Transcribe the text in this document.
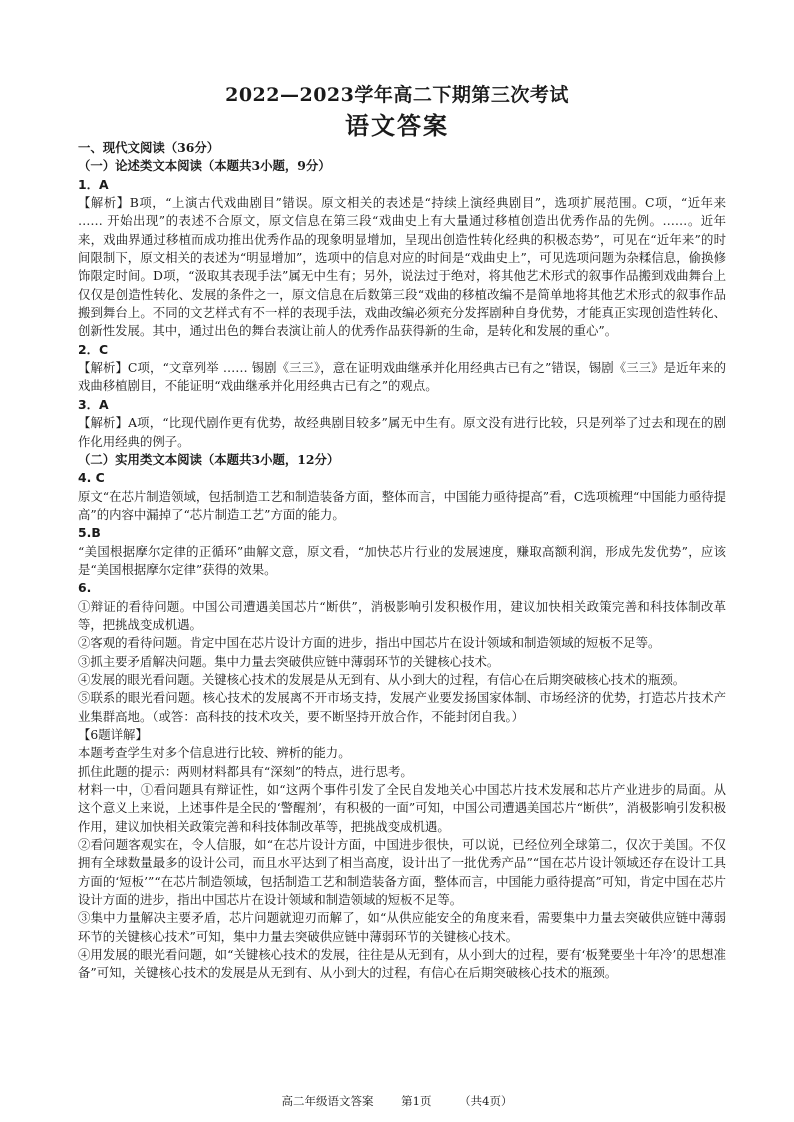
2022—2023学年高二下期第三次考试
语文答案

一、现代文阅读（36分）

（一）论述类文本阅读（本题共3小题，9分）

1．A

【解析】B项，“上演古代戏曲剧目”错误。原文相关的表述是“持续上演经典剧目”，选项扩展范围。C项，“近年来 …… 开始出现”的表述不合原文，原文信息在第三段“戏曲史上有大量通过移植创造出优秀作品的先例。……。近年来，戏曲界通过移植而成功推出优秀作品的现象明显增加，呈现出创造性转化经典的积极态势”，可见在“近年来”的时间限制下，原文相关的表述为“明显增加”，选项中的信息对应的时间是“戏曲史上”，可见选项问题为杂糅信息，偷换修饰限定时间。D项，“汲取其表现手法”属无中生有；另外，说法过于绝对，将其他艺术形式的叙事作品搬到戏曲舞台上仅仅是创造性转化、发展的条件之一，原文信息在后数第三段“戏曲的移植改编不是简单地将其他艺术形式的叙事作品搬到舞台上。不同的文艺样式有不一样的表现手法，戏曲改编必须充分发挥剧种自身优势，才能真正实现创造性转化、创新性发展。其中，通过出色的舞台表演让前人的优秀作品获得新的生命，是转化和发展的重心”。

2．C

【解析】C项，“文章列举 …… 锡剧《三三》，意在证明戏曲继承并化用经典古已有之”错误，锡剧《三三》是近年来的戏曲移植剧目，不能证明“戏曲继承并化用经典古已有之”的观点。

3．A

【解析】A项，“比现代剧作更有优势，故经典剧目较多”属无中生有。原文没有进行比较，只是列举了过去和现在的剧作化用经典的例子。

（二）实用类文本阅读（本题共3小题，12分）

4. C

原文“在芯片制造领域，包括制造工艺和制造装备方面，整体而言，中国能力亟待提高”看，C选项梳理“中国能力亟待提高”的内容中漏掉了“芯片制造工艺”方面的能力。

5.B

“美国根据摩尔定律的正循环”曲解文意，原文看，“加快芯片行业的发展速度，赚取高额利润，形成先发优势”，应该是“美国根据摩尔定律”获得的效果。

6.

①辩证的看待问题。中国公司遭遇美国芯片“断供”，消极影响引发积极作用，建议加快相关政策完善和科技体制改革等，把挑战变成机遇。

②客观的看待问题。肯定中国在芯片设计方面的进步，指出中国芯片在设计领域和制造领域的短板不足等。

③抓主要矛盾解决问题。集中力量去突破供应链中薄弱环节的关键核心技术。

④发展的眼光看问题。关键核心技术的发展是从无到有、从小到大的过程，有信心在后期突破核心技术的瓶颈。

⑤联系的眼光看问题。核心技术的发展离不开市场支持，发展产业要发扬国家体制、市场经济的优势，打造芯片技术产业集群高地。（或答：高科技的技术攻关，要不断坚持开放合作，不能封闭自我。）

【6题详解】

本题考查学生对多个信息进行比较、辨析的能力。

抓住此题的提示：两则材料都具有“深刻”的特点，进行思考。

材料一中，①看问题具有辩证性，如“这两个事件引发了全民自发地关心中国芯片技术发展和芯片产业进步的局面。从这个意义上来说，上述事件是全民的‘警醒剂’，有积极的一面”可知，中国公司遭遇美国芯片“断供”，消极影响引发积极作用，建议加快相关政策完善和科技体制改革等，把挑战变成机遇。

②看问题客观实在，令人信服，如“在芯片设计方面，中国进步很快，可以说，已经位列全球第二，仅次于美国。不仅拥有全球数量最多的设计公司，而且水平达到了相当高度，设计出了一批优秀产品”“国在芯片设计领域还存在设计工具方面的‘短板’”“在芯片制造领域，包括制造工艺和制造装备方面，整体而言，中国能力亟待提高”可知，肯定中国在芯片设计方面的进步，指出中国芯片在设计领域和制造领域的短板不足等。

③集中力量解决主要矛盾，芯片问题就迎刃而解了，如“从供应能安全的角度来看，需要集中力量去突破供应链中薄弱环节的关键核心技术”可知，集中力量去突破供应链中薄弱环节的关键核心技术。

④用发展的眼光看问题，如“关键核心技术的发展，往往是从无到有，从小到大的过程，要有‘板凳要坐十年冷’的思想准备”可知，关键核心技术的发展是从无到有、从小到大的过程，有信心在后期突破核心技术的瓶颈。

高二年级语文答案 第1页 （共4页）
